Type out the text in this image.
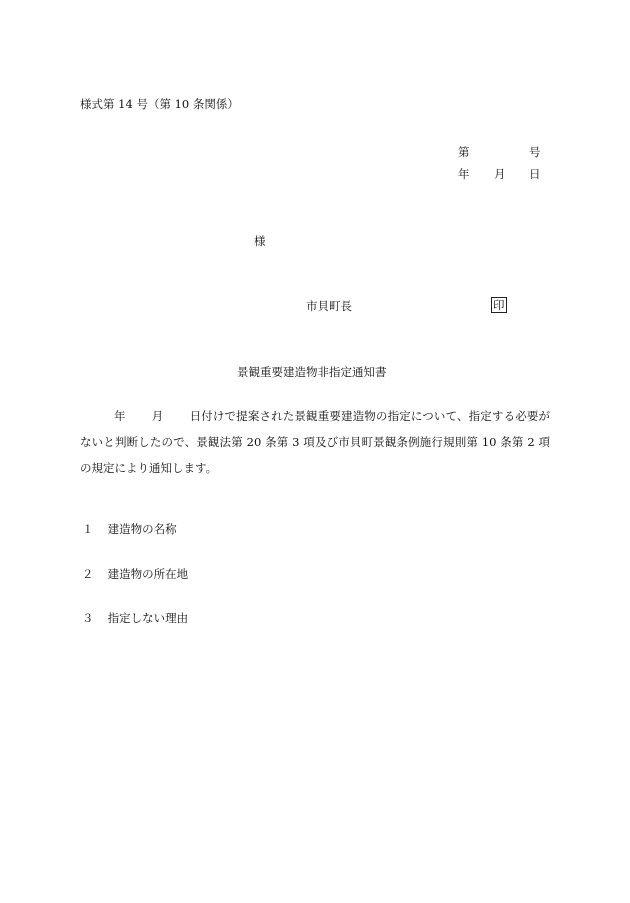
様式第 14 号（第 10 条関係）
第	号
年 月 日
様
市貝町長	印
景観重要建造物非指定通知書
年 月 日付けで提案された景観重要建造物の指定について、指定する必要がないと判断したので、景観法第 20 条第 3 項及び市貝町景観条例施行規則第 10 条第 2 項の規定により通知します。
１ 建造物の名称
２ 建造物の所在地
３ 指定しない理由
